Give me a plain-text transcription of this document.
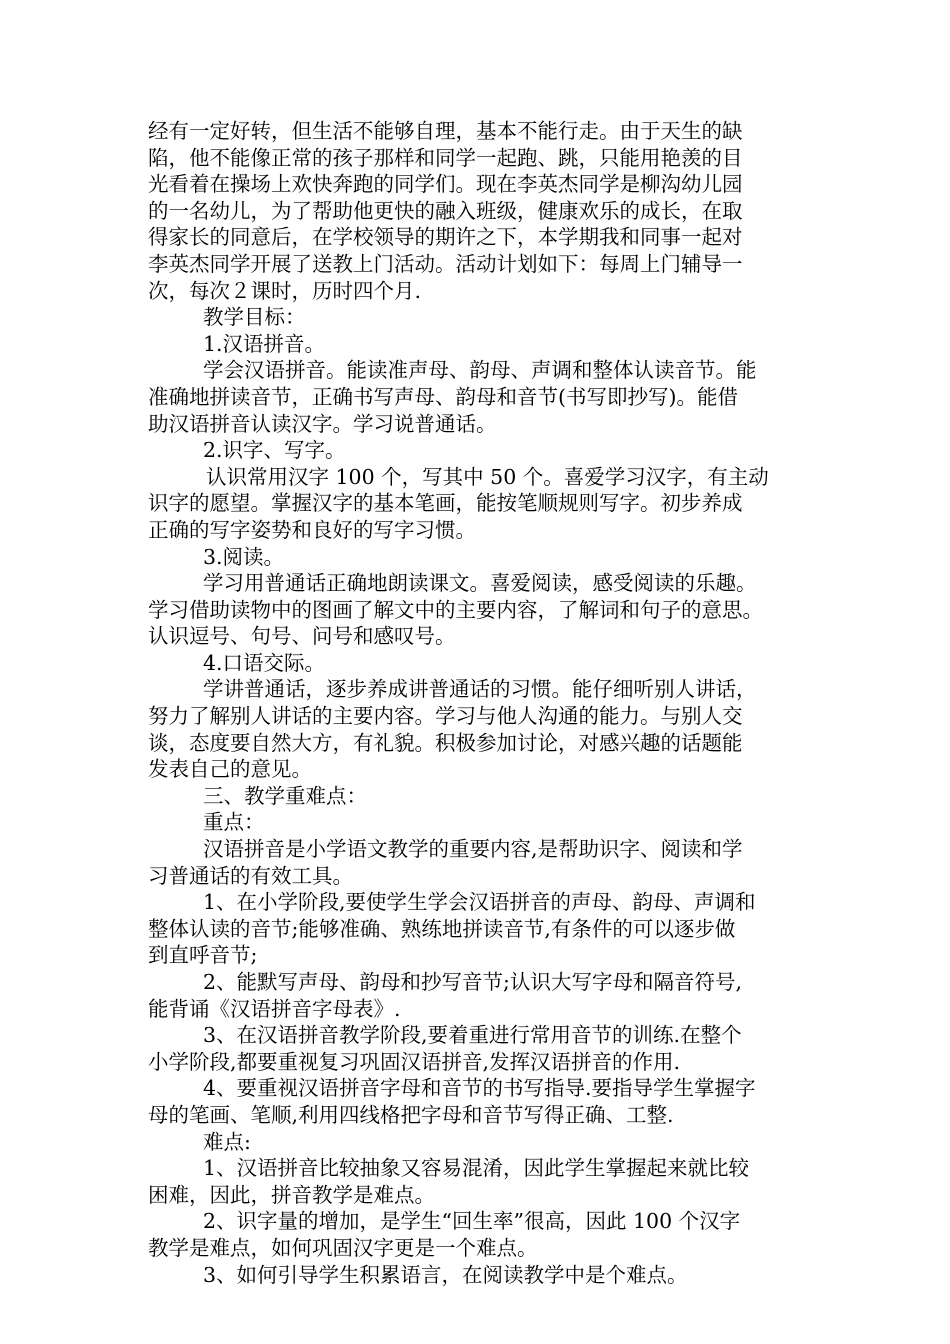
经有一定好转，但生活不能够自理，基本不能行走。由于天生的缺
陷，他不能像正常的孩子那样和同学一起跑、跳，只能用艳羡的目
光看着在操场上欢快奔跑的同学们。现在李英杰同学是柳沟幼儿园
的一名幼儿，为了帮助他更快的融入班级，健康欢乐的成长，在取
得家长的同意后，在学校领导的期许之下，本学期我和同事一起对
李英杰同学开展了送教上门活动。活动计划如下：每周上门辅导一
次，每次２课时，历时四个月.
教学目标：
1.汉语拼音。
学会汉语拼音。能读准声母、韵母、声调和整体认读音节。能
准确地拼读音节，正确书写声母、韵母和音节(书写即抄写)。能借
助汉语拼音认读汉字。学习说普通话。
2.识字、写字。
认识常用汉字 100 个，写其中 50 个。喜爱学习汉字，有主动
识字的愿望。掌握汉字的基本笔画，能按笔顺规则写字。初步养成
正确的写字姿势和良好的写字习惯。
3.阅读。
学习用普通话正确地朗读课文。喜爱阅读，感受阅读的乐趣。
学习借助读物中的图画了解文中的主要内容，了解词和句子的意思。
认识逗号、句号、问号和感叹号。
4.口语交际。
学讲普通话，逐步养成讲普通话的习惯。能仔细听别人讲话，
努力了解别人讲话的主要内容。学习与他人沟通的能力。与别人交
谈，态度要自然大方，有礼貌。积极参加讨论，对感兴趣的话题能
发表自己的意见。
三、教学重难点：
重点：
汉语拼音是小学语文教学的重要内容,是帮助识字、阅读和学
习普通话的有效工具。
1、在小学阶段,要使学生学会汉语拼音的声母、韵母、声调和
整体认读的音节;能够准确、熟练地拼读音节,有条件的可以逐步做
到直呼音节;
2、能默写声母、韵母和抄写音节;认识大写字母和隔音符号,
能背诵《汉语拼音字母表》.
3、在汉语拼音教学阶段,要着重进行常用音节的训练.在整个
小学阶段,都要重视复习巩固汉语拼音,发挥汉语拼音的作用.
4、要重视汉语拼音字母和音节的书写指导.要指导学生掌握字
母的笔画、笔顺,利用四线格把字母和音节写得正确、工整.
难点:
1、汉语拼音比较抽象又容易混淆，因此学生掌握起来就比较
困难，因此，拼音教学是难点。
2、识字量的增加，是学生“回生率”很高，因此 100 个汉字
教学是难点，如何巩固汉字更是一个难点。
3、如何引导学生积累语言，在阅读教学中是个难点。
